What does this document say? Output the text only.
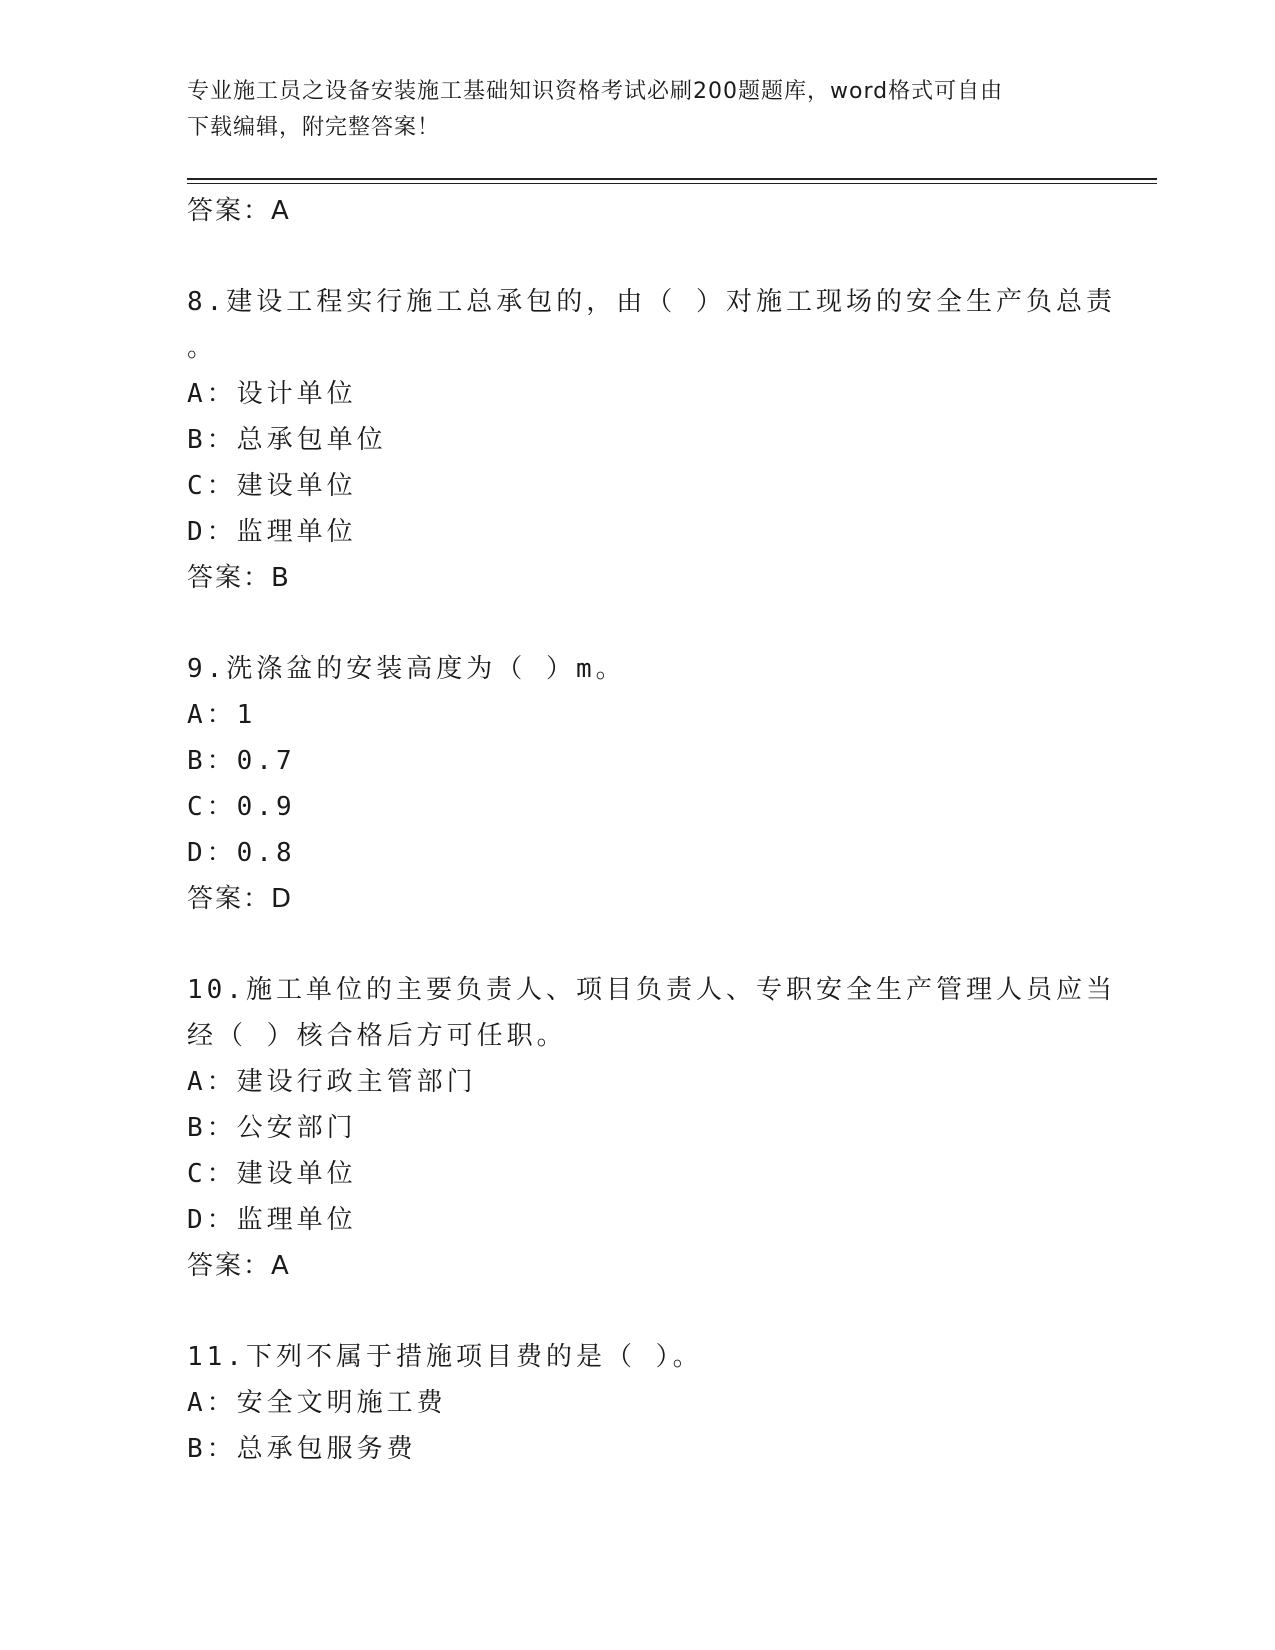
专业施工员之设备安装施工基础知识资格考试必刷200题题库，word格式可自由
下载编辑，附完整答案！
答案：A
8.建设工程实行施工总承包的，由（ ）对施工现场的安全生产负总责
。
A：设计单位
B：总承包单位
C：建设单位
D：监理单位
答案：B
9.洗涤盆的安装高度为（ ）m。
A：1
B：0.7
C：0.9
D：0.8
答案：D
10.施工单位的主要负责人、项目负责人、专职安全生产管理人员应当
经（ ）核合格后方可任职。
A：建设行政主管部门
B：公安部门
C：建设单位
D：监理单位
答案：A
11.下列不属于措施项目费的是（ ）。
A：安全文明施工费
B：总承包服务费
